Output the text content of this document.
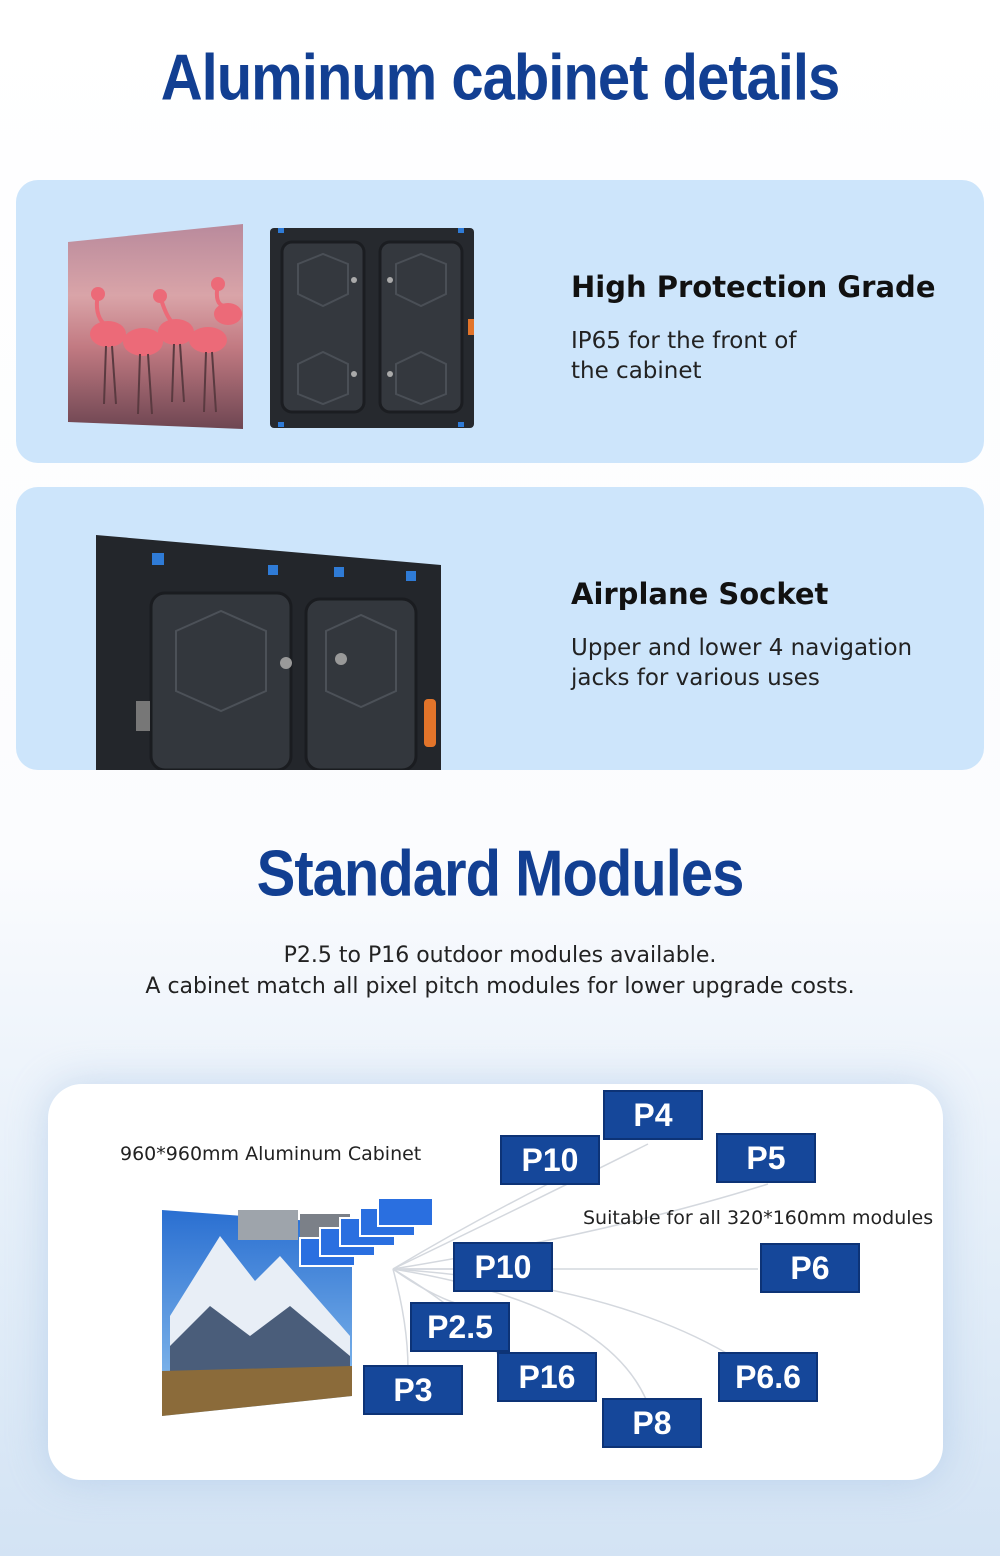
Aluminum cabinet details
High Protection Grade
IP65 for the front of
the cabinet
Airplane Socket
Upper and lower 4 navigation
jacks for various uses
Standard Modules
P2.5 to P16 outdoor modules available.
A cabinet match all pixel pitch modules for lower upgrade costs.
960*960mm Aluminum Cabinet
Suitable for all 320*160mm modules
P4
P10	P5
P10	P6
P2.5
P3	P16
P8
P6.6
